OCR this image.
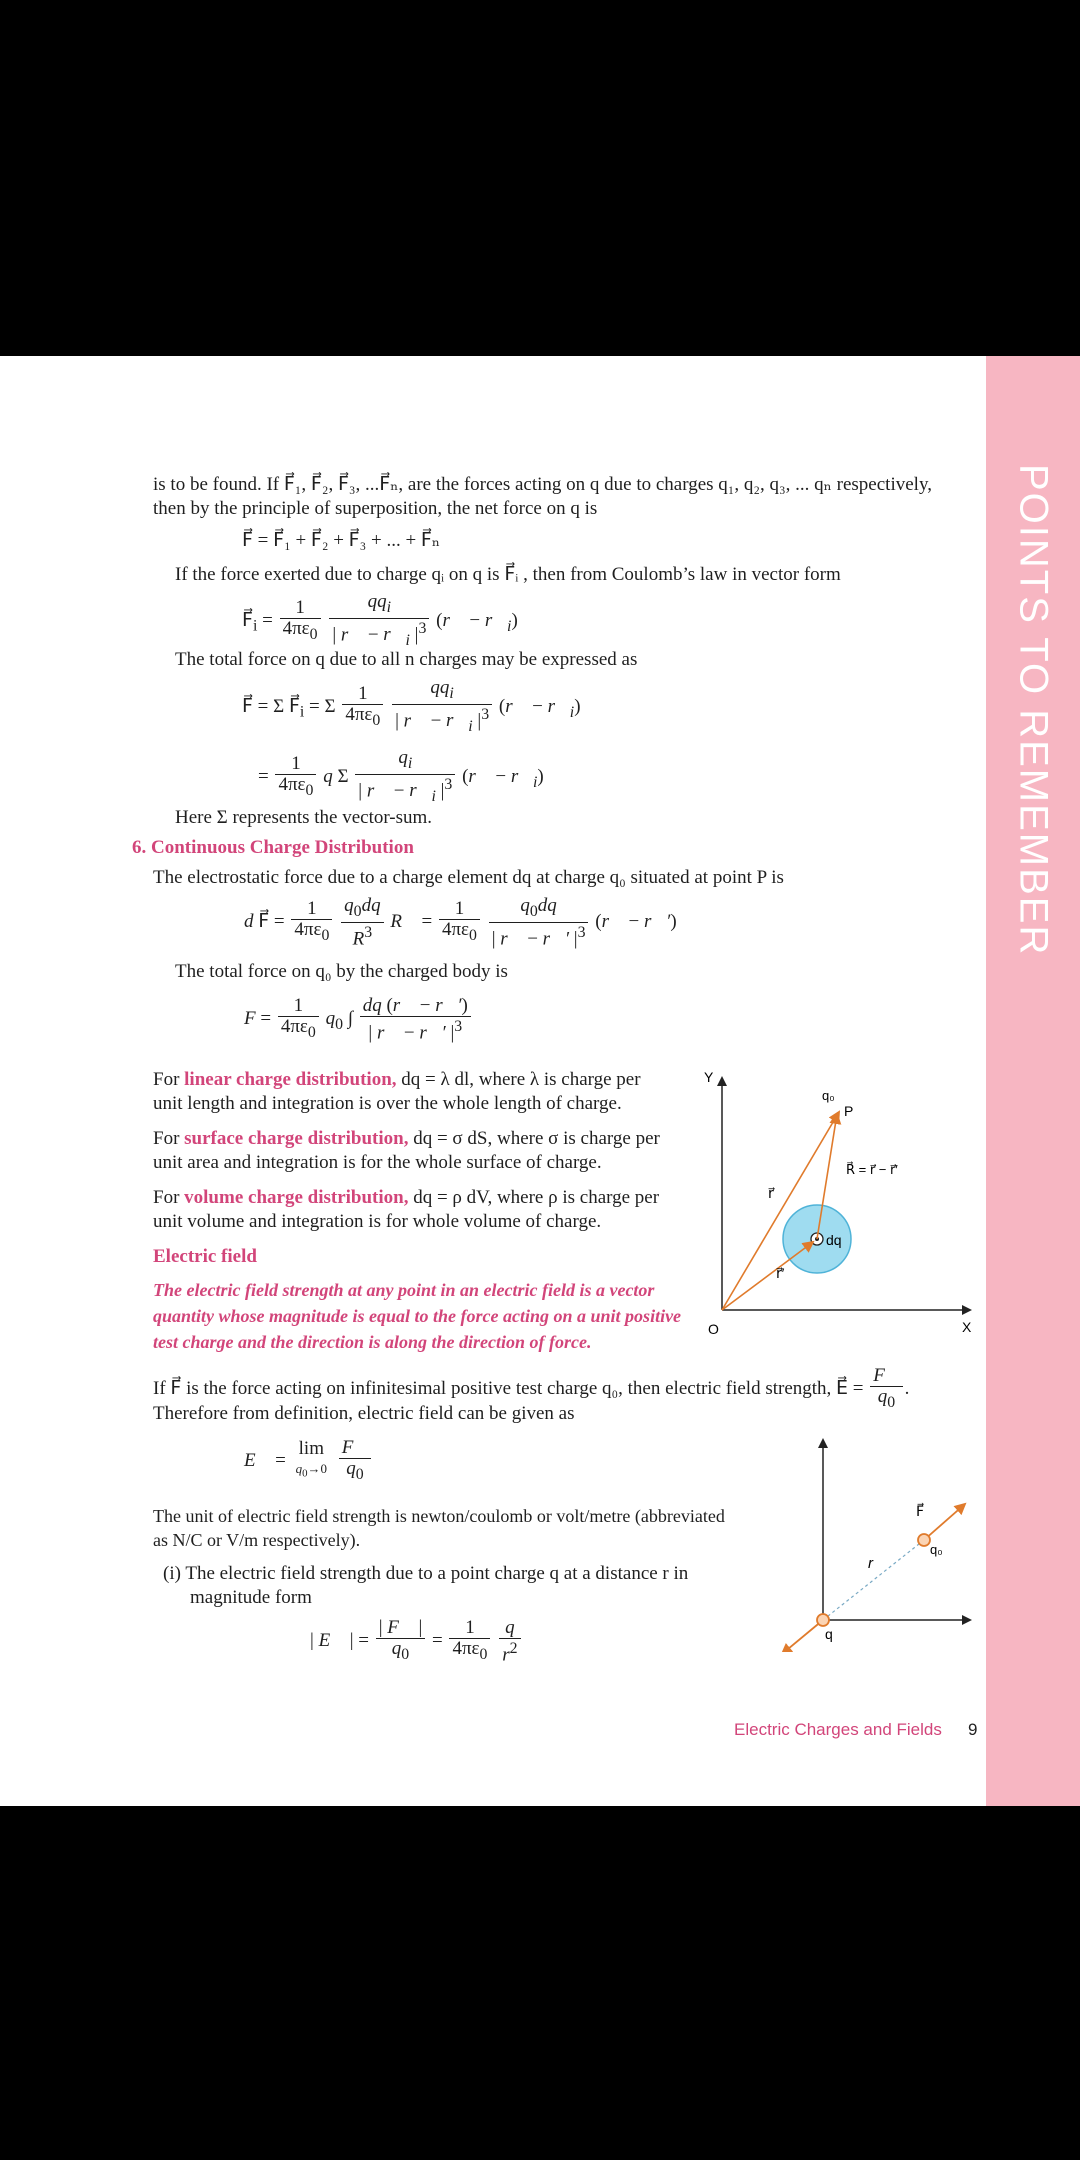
POINTS TO REMEMBER
is to be found. If F⃗₁, F⃗₂, F⃗₃, ...F⃗ₙ, are the forces acting on q due to charges q₁, q₂, q₃, ... qₙ respectively,
then by the principle of superposition, the net force on q is
F⃗ = F⃗₁ + F⃗₂ + F⃗₃ + ... + F⃗ₙ
If the force exerted due to charge qᵢ on q is F⃗ᵢ , then from Coulomb’s law in vector form
$F⃗_i = \frac{1}{4\pi\varepsilon_0}$
$\frac{qq_i}{| r⃗ - r⃗_i |^3}$ (r⃗ − $r⃗_i$)
The total force on q due to all n charges may be expressed as
F⃗ = Σ $F⃗_i = \Sigma \frac{1}{4\pi\varepsilon_0}$
$\frac{qq_i}{| r⃗ - r⃗_i |^3}$ (r⃗ − $r⃗_i$)
= $\frac{1}{4\pi\varepsilon_0}$ q Σ $\frac{q_i}{| r⃗ - r⃗_i |^3}$ (r⃗ − $r⃗_i$)
Here Σ represents the vector-sum.
6. Continuous Charge Distribution
The electrostatic force due to a charge element dq at charge q₀ situated at point P is
d F⃗ = $\frac{1}{4\pi\varepsilon_0}$
$\frac{q_0dq}{R^3}$ R⃗ = $\frac{1}{4\pi\varepsilon_0}$
$\frac{q_0dq}{| r⃗ - r⃗' |^3}$ (r⃗ − r⃗′)
The total force on q₀ by the charged body is
$F = \frac{1}{4\pi\varepsilon_0} q_0$ ∫ $\frac{dq (r⃗ - r⃗')}{| r⃗ - r⃗' |^3}$
For linear charge distribution, dq = λ dl, where λ is charge per
unit length and integration is over the whole length of charge.
For surface charge distribution, dq = σ dS, where σ is charge per
unit area and integration is for the whole surface of charge.
For volume charge distribution, dq = ρ dV, where ρ is charge per
unit volume and integration is for whole volume of charge.
Electric field
The electric field strength at any point in an electric field is a vector
quantity whose magnitude is equal to the force acting on a unit positive
test charge and the direction is along the direction of force.
Y
X
O
dq
q₀
P
R⃗ = r⃗ − r⃗′
r⃗
r⃗′
If F⃗ is the force acting on infinitesimal positive test charge q₀, then electric field strength, E⃗ = $\frac{F⃗}{q_0}$ .
Therefore from definition, electric field can be given as
E⃗ =
lim
$q_0\to 0$
$\frac{F⃗}{q_0}$
The unit of electric field strength is newton/coulomb or volt/metre (abbreviated
as N/C or V/m respectively).
(i) The electric field strength due to a point charge q at a distance r in
magnitude form
| E⃗ | = $\frac{| F⃗ |}{q_0} = \frac{1}{4\pi\varepsilon_0}$
$\frac{q}{r^2}$
F⃗
q₀
r
q
Electric Charges and Fields 9
